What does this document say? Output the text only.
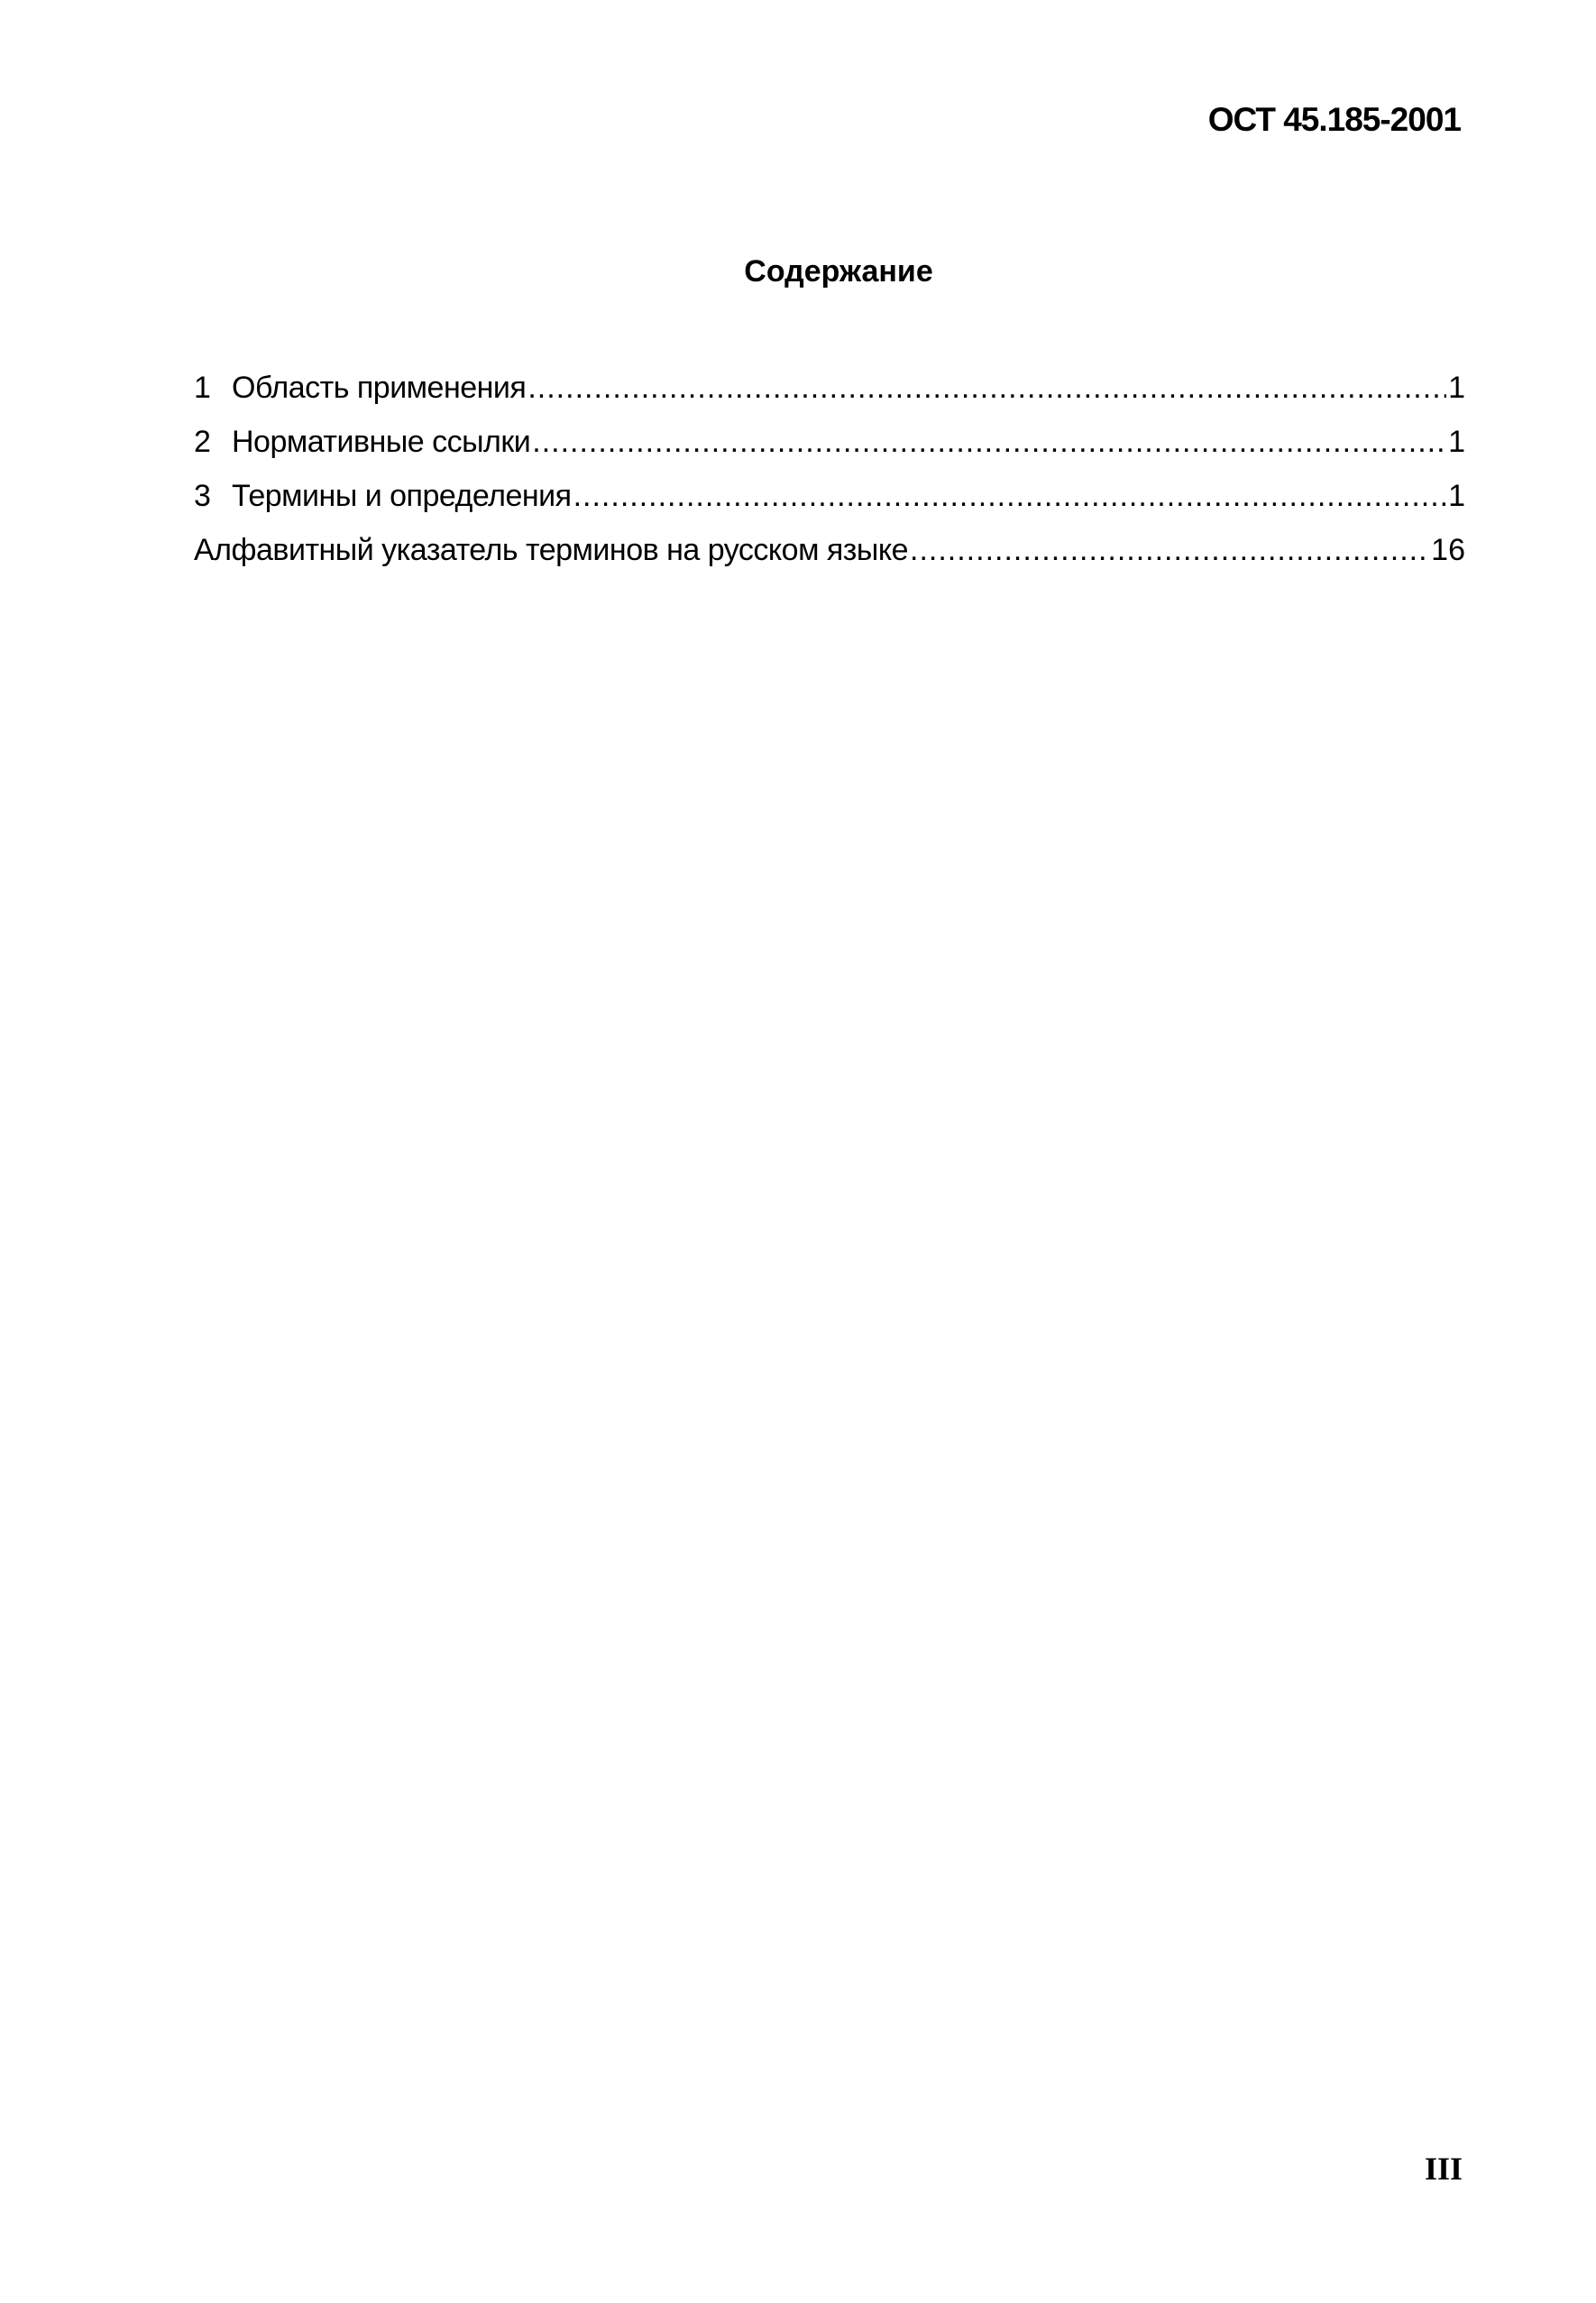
ОСТ 45.185-2001
Содержание
1 Область применения .....	1
2 Нормативные ссылки .....	1
3 Термины и определения .....	1
Алфавитный указатель терминов на русском языке .....	16
III
